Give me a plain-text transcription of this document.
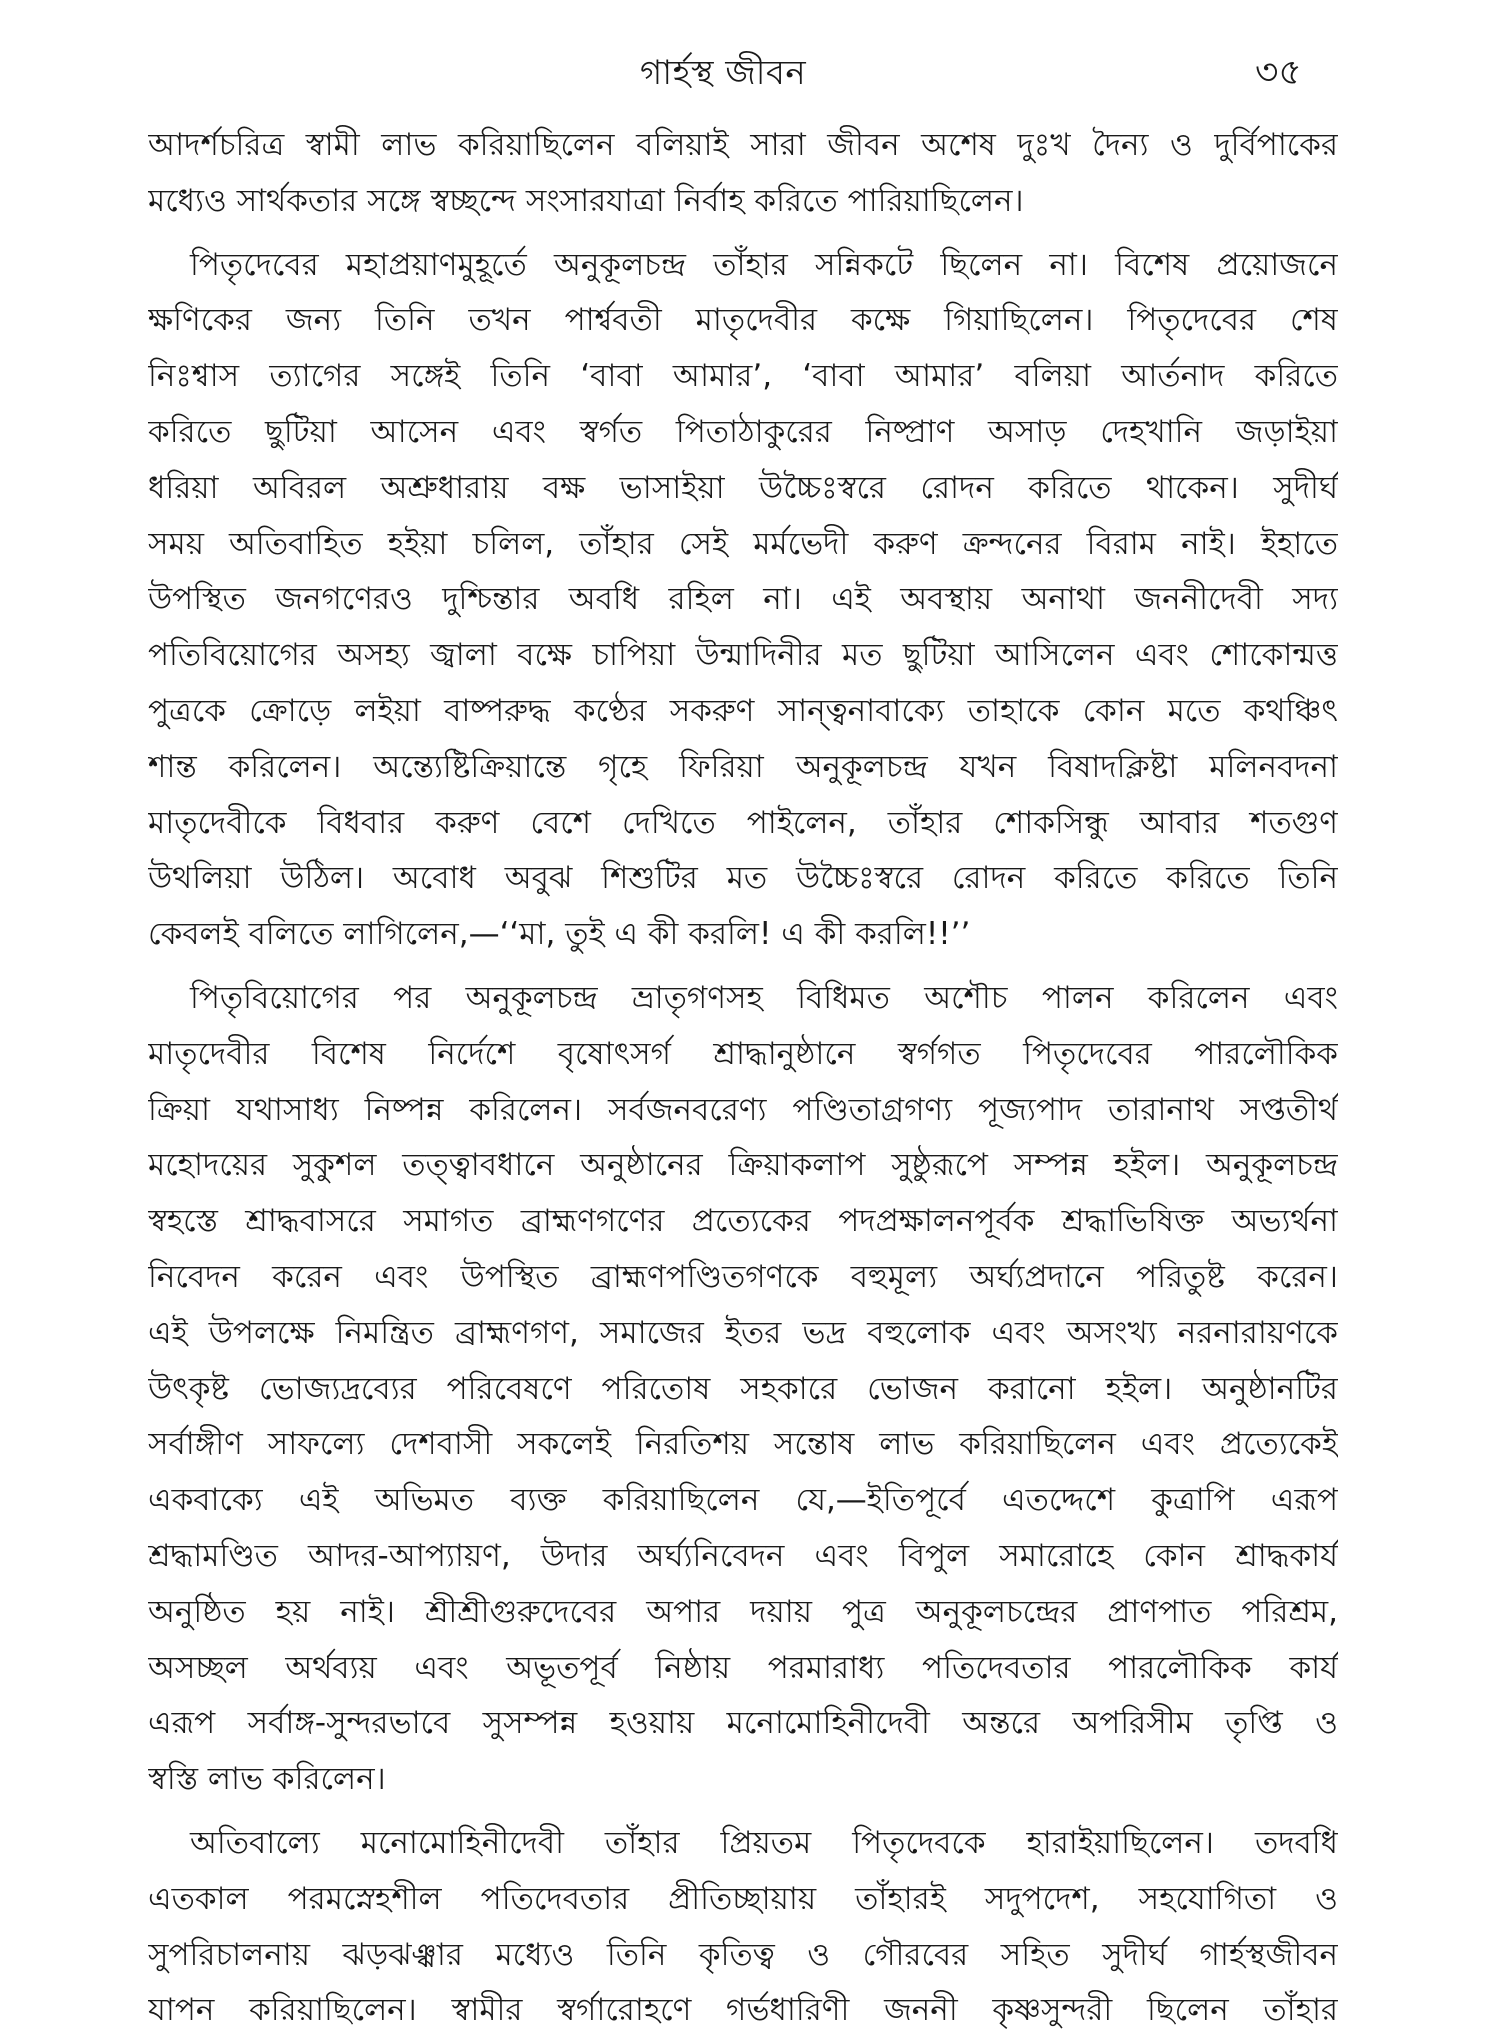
গার্হস্থ জীবন	৩৫

আদর্শচরিত্র স্বামী লাভ করিয়াছিলেন বলিয়াই সারা জীবন অশেষ দুঃখ দৈন্য ও দুর্বিপাকের
মধ্যেও সার্থকতার সঙ্গে স্বচ্ছন্দে সংসারযাত্রা নির্বাহ করিতে পারিয়াছিলেন।

পিতৃদেবের মহাপ্রয়াণমুহূর্তে অনুকূলচন্দ্র তাঁহার সন্নিকটে ছিলেন না। বিশেষ প্রয়োজনে
ক্ষণিকের জন্য তিনি তখন পার্শ্ববতী মাতৃদেবীর কক্ষে গিয়াছিলেন। পিতৃদেবের শেষ
নিঃশ্বাস ত্যাগের সঙ্গেই তিনি ‘বাবা আমার’, ‘বাবা আমার’ বলিয়া আর্তনাদ করিতে
করিতে ছুটিয়া আসেন এবং স্বর্গত পিতাঠাকুরের নিষ্প্রাণ অসাড় দেহখানি জড়াইয়া
ধরিয়া অবিরল অশ্রুধারায় বক্ষ ভাসাইয়া উচ্চৈঃস্বরে রোদন করিতে থাকেন। সুদীর্ঘ
সময় অতিবাহিত হইয়া চলিল, তাঁহার সেই মর্মভেদী করুণ ক্রন্দনের বিরাম নাই। ইহাতে
উপস্থিত জনগণেরও দুশ্চিন্তার অবধি রহিল না। এই অবস্থায় অনাথা জননীদেবী সদ্য
পতিবিয়োগের অসহ্য জ্বালা বক্ষে চাপিয়া উন্মাদিনীর মত ছুটিয়া আসিলেন এবং শোকোন্মত্ত
পুত্রকে ক্রোড়ে লইয়া বাষ্পরুদ্ধ কণ্ঠের সকরুণ সান্ত্বনাবাক্যে তাহাকে কোন মতে কথঞ্চিৎ
শান্ত করিলেন। অন্ত্যেষ্টিক্রিয়ান্তে গৃহে ফিরিয়া অনুকূলচন্দ্র যখন বিষাদক্লিষ্টা মলিনবদনা
মাতৃদেবীকে বিধবার করুণ বেশে দেখিতে পাইলেন, তাঁহার শোকসিন্ধু আবার শতগুণ
উথলিয়া উঠিল। অবোধ অবুঝ শিশুটির মত উচ্চৈঃস্বরে রোদন করিতে করিতে তিনি
কেবলই বলিতে লাগিলেন,—‘‘মা, তুই এ কী করলি! এ কী করলি!!’’

পিতৃবিয়োগের পর অনুকূলচন্দ্র ভ্রাতৃগণসহ বিধিমত অশৌচ পালন করিলেন এবং
মাতৃদেবীর বিশেষ নির্দেশে বৃষোৎসর্গ শ্রাদ্ধানুষ্ঠানে স্বর্গগত পিতৃদেবের পারলৌকিক
ক্রিয়া যথাসাধ্য নিষ্পন্ন করিলেন। সর্বজনবরেণ্য পণ্ডিতাগ্রগণ্য পূজ্যপাদ তারানাথ সপ্ততীর্থ
মহোদয়ের সুকুশল তত্ত্বাবধানে অনুষ্ঠানের ক্রিয়াকলাপ সুষ্ঠুরূপে সম্পন্ন হইল। অনুকূলচন্দ্র
স্বহস্তে শ্রাদ্ধবাসরে সমাগত ব্রাহ্মণগণের প্রত্যেকের পদপ্রক্ষালনপূর্বক শ্রদ্ধাভিষিক্ত অভ্যর্থনা
নিবেদন করেন এবং উপস্থিত ব্রাহ্মণপণ্ডিতগণকে বহুমূল্য অর্ঘ্যপ্রদানে পরিতুষ্ট করেন।
এই উপলক্ষে নিমন্ত্রিত ব্রাহ্মণগণ, সমাজের ইতর ভদ্র বহুলোক এবং অসংখ্য নরনারায়ণকে
উৎকৃষ্ট ভোজ্যদ্রব্যের পরিবেষণে পরিতোষ সহকারে ভোজন করানো হইল। অনুষ্ঠানটির
সর্বাঙ্গীণ সাফল্যে দেশবাসী সকলেই নিরতিশয় সন্তোষ লাভ করিয়াছিলেন এবং প্রত্যেকেই
একবাক্যে এই অভিমত ব্যক্ত করিয়াছিলেন যে,—ইতিপূর্বে এতদ্দেশে কুত্রাপি এরূপ
শ্রদ্ধামণ্ডিত আদর-আপ্যায়ণ, উদার অর্ঘ্যনিবেদন এবং বিপুল সমারোহে কোন শ্রাদ্ধকার্য
অনুষ্ঠিত হয় নাই। শ্রীশ্রীগুরুদেবের অপার দয়ায় পুত্র অনুকূলচন্দ্রের প্রাণপাত পরিশ্রম,
অসচ্ছল অর্থব্যয় এবং অভূতপূর্ব নিষ্ঠায় পরমারাধ্য পতিদেবতার পারলৌকিক কার্য
এরূপ সর্বাঙ্গ-সুন্দরভাবে সুসম্পন্ন হওয়ায় মনোমোহিনীদেবী অন্তরে অপরিসীম তৃপ্তি ও
স্বস্তি লাভ করিলেন।

অতিবাল্যে মনোমোহিনীদেবী তাঁহার প্রিয়তম পিতৃদেবকে হারাইয়াছিলেন। তদবধি
এতকাল পরমস্নেহশীল পতিদেবতার প্রীতিচ্ছায়ায় তাঁহারই সদুপদেশ, সহযোগিতা ও
সুপরিচালনায় ঝড়ঝঞ্ঝার মধ্যেও তিনি কৃতিত্ব ও গৌরবের সহিত সুদীর্ঘ গার্হস্থজীবন
যাপন করিয়াছিলেন। স্বামীর স্বর্গারোহণে গর্ভধারিণী জননী কৃষ্ণসুন্দরী ছিলেন তাঁহার
